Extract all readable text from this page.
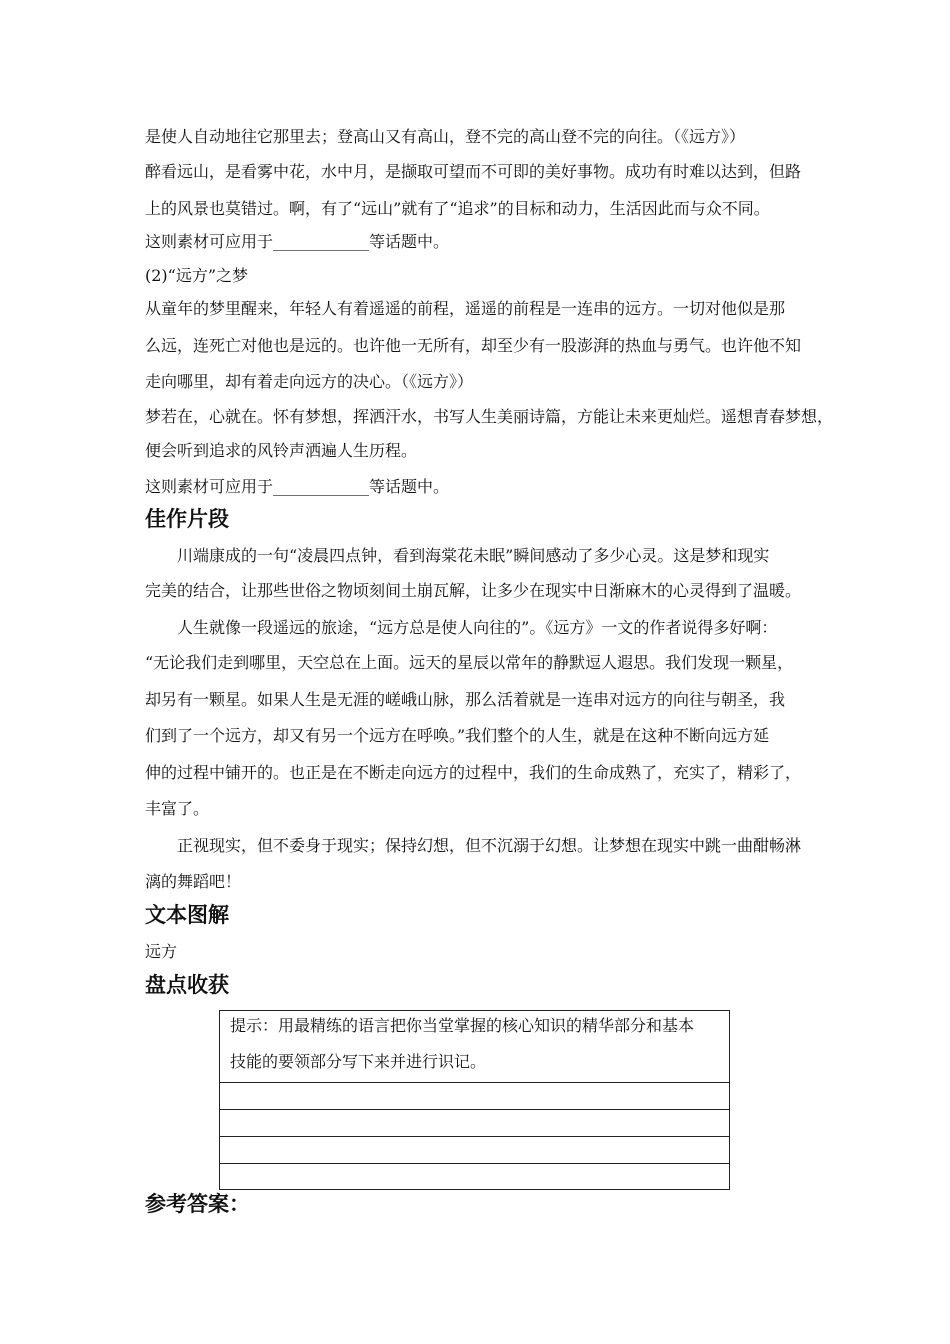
是使人自动地往它那里去；登高山又有高山，登不完的高山登不完的向往。（《远方》）
醉看远山，是看雾中花，水中月，是撷取可望而不可即的美好事物。成功有时难以达到，但路
上的风景也莫错过。啊，有了“远山”就有了“追求”的目标和动力，生活因此而与众不同。
这则素材可应用于____________等话题中。
(2)“远方”之梦
从童年的梦里醒来，年轻人有着遥遥的前程，遥遥的前程是一连串的远方。一切对他似是那
么远，连死亡对他也是远的。也许他一无所有，却至少有一股澎湃的热血与勇气。也许他不知
走向哪里，却有着走向远方的决心。（《远方》）
梦若在，心就在。怀有梦想，挥洒汗水，书写人生美丽诗篇，方能让未来更灿烂。遥想青春梦想，
便会听到追求的风铃声洒遍人生历程。
这则素材可应用于____________等话题中。
佳作片段
川端康成的一句“凌晨四点钟，看到海棠花未眠”瞬间感动了多少心灵。这是梦和现实
完美的结合，让那些世俗之物顷刻间土崩瓦解，让多少在现实中日渐麻木的心灵得到了温暖。
人生就像一段遥远的旅途，“远方总是使人向往的”。《远方》一文的作者说得多好啊：
“无论我们走到哪里，天空总在上面。远天的星辰以常年的静默逗人遐思。我们发现一颗星，
却另有一颗星。如果人生是无涯的嵯峨山脉，那么活着就是一连串对远方的向往与朝圣，我
们到了一个远方，却又有另一个远方在呼唤。”我们整个的人生，就是在这种不断向远方延
伸的过程中铺开的。也正是在不断走向远方的过程中，我们的生命成熟了，充实了，精彩了，
丰富了。
正视现实，但不委身于现实；保持幻想，但不沉溺于幻想。让梦想在现实中跳一曲酣畅淋
漓的舞蹈吧！
文本图解
远方
盘点收获
提示：用最精练的语言把你当堂掌握的核心知识的精华部分和基本
技能的要领部分写下来并进行识记。
参考答案：
